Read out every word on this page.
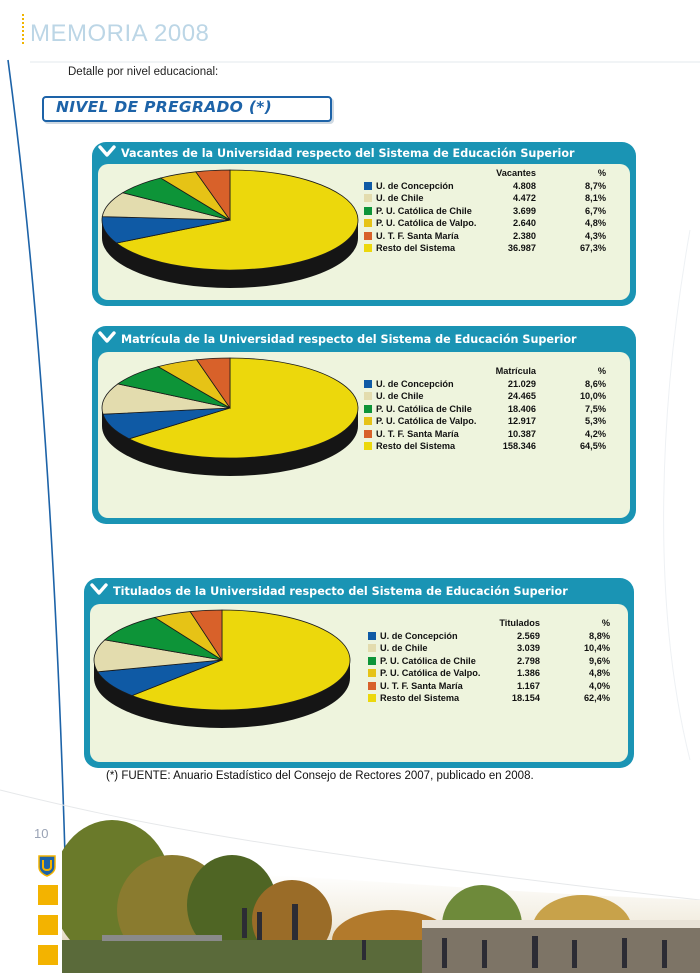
MEMORIA 2008
Detalle por nivel educacional:
NIVEL DE PREGRADO (*)
Vacantes de la Universidad respecto del Sistema de Educación Superior
Vacantes	%
U. de Concepción	4.808	8,7%
U. de Chile	4.472	8,1%
P. U. Católica de Chile	3.699	6,7%
P. U. Católica de Valpo.	2.640	4,8%
U. T. F. Santa María	2.380	4,3%
Resto del Sistema	36.987	67,3%
Matrícula de la Universidad respecto del Sistema de Educación Superior
Matrícula	%
U. de Concepción	21.029	8,6%
U. de Chile	24.465	10,0%
P. U. Católica de Chile	18.406	7,5%
P. U. Católica de Valpo.	12.917	5,3%
U. T. F. Santa María	10.387	4,2%
Resto del Sistema	158.346	64,5%
Titulados de la Universidad respecto del Sistema de Educación Superior
Titulados	%
U. de Concepción	2.569	8,8%
U. de Chile	3.039	10,4%
P. U. Católica de Chile	2.798	9,6%
P. U. Católica de Valpo.	1.386	4,8%
U. T. F. Santa María	1.167	4,0%
Resto del Sistema	18.154	62,4%
(*) FUENTE: Anuario Estadístico del Consejo de Rectores 2007, publicado en 2008.
10
